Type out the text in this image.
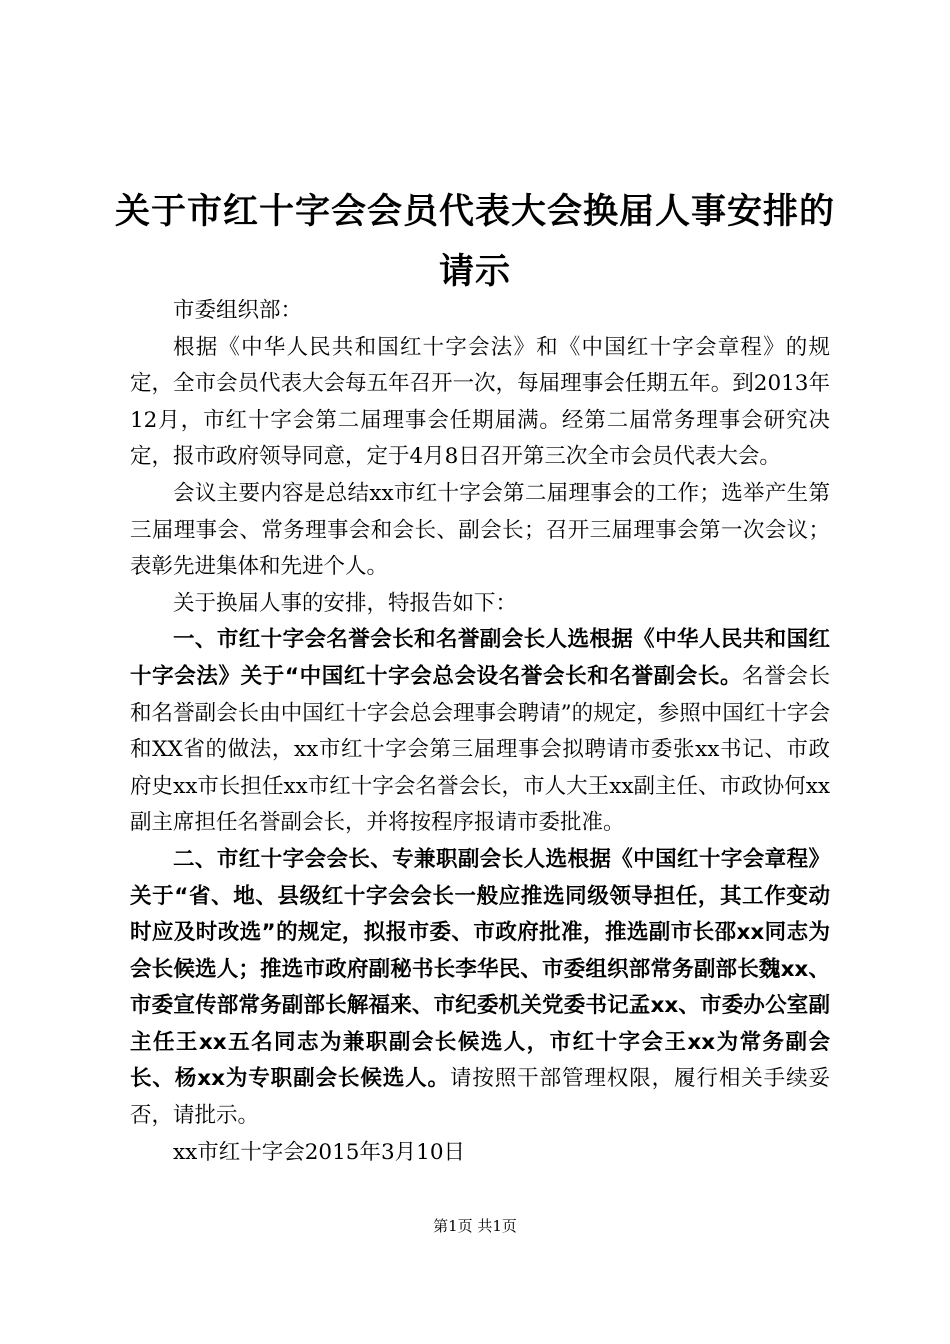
关于市红十字会会员代表大会换届人事安排的请示

市委组织部：

根据《中华人民共和国红十字会法》和《中国红十字会章程》的规定，全市会员代表大会每五年召开一次，每届理事会任期五年。到2013年12月，市红十字会第二届理事会任期届满。经第二届常务理事会研究决定，报市政府领导同意，定于4月8日召开第三次全市会员代表大会。

会议主要内容是总结xx市红十字会第二届理事会的工作；选举产生第三届理事会、常务理事会和会长、副会长；召开三届理事会第一次会议；表彰先进集体和先进个人。

关于换届人事的安排，特报告如下：

一、市红十字会名誉会长和名誉副会长人选根据《中华人民共和国红十字会法》关于“中国红十字会总会设名誉会长和名誉副会长。名誉会长和名誉副会长由中国红十字会总会理事会聘请”的规定，参照中国红十字会和XX省的做法，xx市红十字会第三届理事会拟聘请市委张xx书记、市政府史xx市长担任xx市红十字会名誉会长，市人大王xx副主任、市政协何xx副主席担任名誉副会长，并将按程序报请市委批准。

二、市红十字会会长、专兼职副会长人选根据《中国红十字会章程》关于“省、地、县级红十字会会长一般应推选同级领导担任，其工作变动时应及时改选”的规定，拟报市委、市政府批准，推选副市长邵xx同志为会长候选人；推选市政府副秘书长李华民、市委组织部常务副部长魏xx、市委宣传部常务副部长解福来、市纪委机关党委书记孟xx、市委办公室副主任王xx五名同志为兼职副会长候选人，市红十字会王xx为常务副会长、杨xx为专职副会长候选人。请按照干部管理权限，履行相关手续妥否，请批示。

xx市红十字会2015年3月10日

第1页 共1页
